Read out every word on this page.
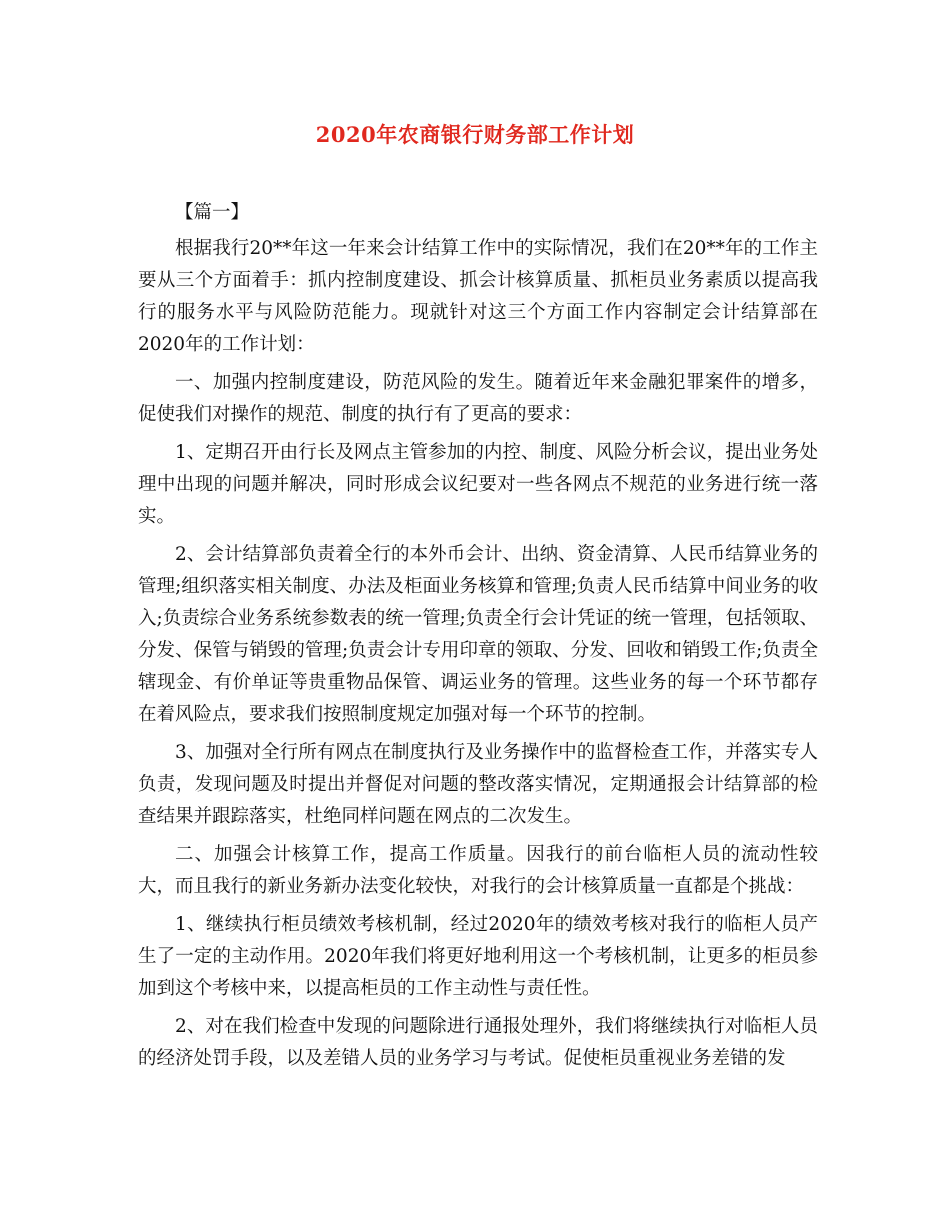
2020年农商银行财务部工作计划

【篇一】

根据我行20**年这一年来会计结算工作中的实际情况，我们在20**年的工作主要从三个方面着手：抓内控制度建设、抓会计核算质量、抓柜员业务素质以提高我行的服务水平与风险防范能力。现就针对这三个方面工作内容制定会计结算部在2020年的工作计划：

一、加强内控制度建设，防范风险的发生。随着近年来金融犯罪案件的增多，促使我们对操作的规范、制度的执行有了更高的要求：

1、定期召开由行长及网点主管参加的内控、制度、风险分析会议，提出业务处理中出现的问题并解决，同时形成会议纪要对一些各网点不规范的业务进行统一落实。

2、会计结算部负责着全行的本外币会计、出纳、资金清算、人民币结算业务的管理;组织落实相关制度、办法及柜面业务核算和管理;负责人民币结算中间业务的收入;负责综合业务系统参数表的统一管理;负责全行会计凭证的统一管理，包括领取、分发、保管与销毁的管理;负责会计专用印章的领取、分发、回收和销毁工作;负责全辖现金、有价单证等贵重物品保管、调运业务的管理。这些业务的每一个环节都存在着风险点，要求我们按照制度规定加强对每一个环节的控制。

3、加强对全行所有网点在制度执行及业务操作中的监督检查工作，并落实专人负责，发现问题及时提出并督促对问题的整改落实情况，定期通报会计结算部的检查结果并跟踪落实，杜绝同样问题在网点的二次发生。

二、加强会计核算工作，提高工作质量。因我行的前台临柜人员的流动性较大，而且我行的新业务新办法变化较快，对我行的会计核算质量一直都是个挑战：

1、继续执行柜员绩效考核机制，经过2020年的绩效考核对我行的临柜人员产生了一定的主动作用。2020年我们将更好地利用这一个考核机制，让更多的柜员参加到这个考核中来，以提高柜员的工作主动性与责任性。

2、对在我们检查中发现的问题除进行通报处理外，我们将继续执行对临柜人员的经济处罚手段，以及差错人员的业务学习与考试。促使柜员重视业务差错的发
